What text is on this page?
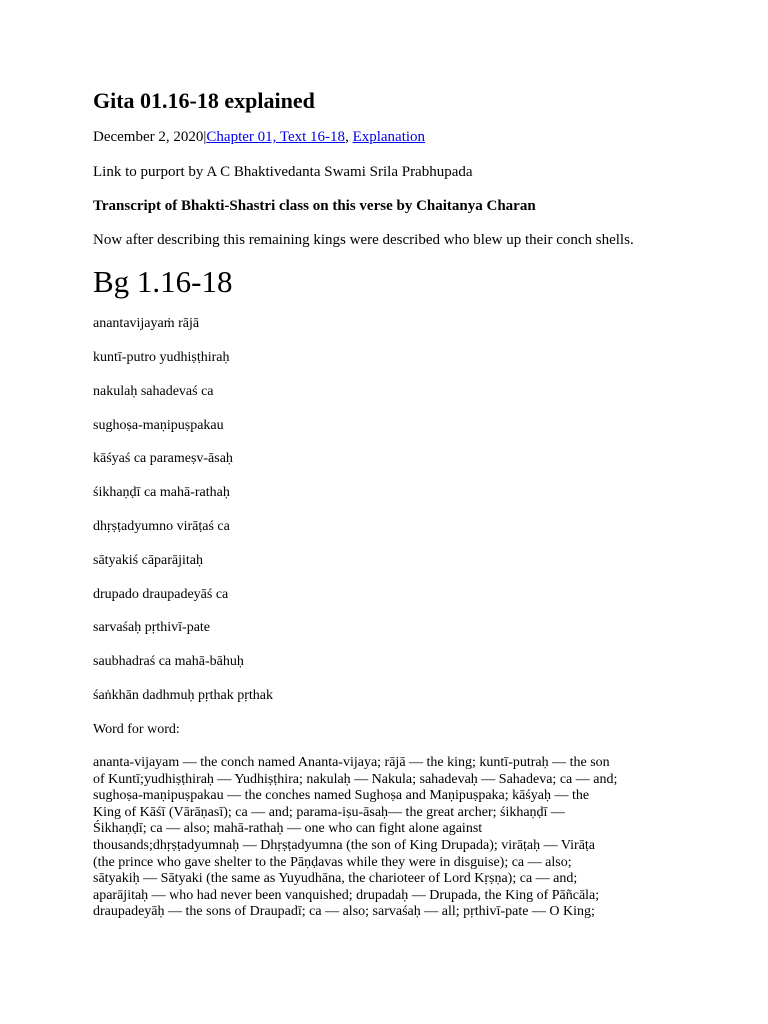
Gita 01.16-18 explained
December 2, 2020|Chapter 01, Text 16-18, Explanation
Link to purport by A C Bhaktivedanta Swami Srila Prabhupada
Transcript of Bhakti-Shastri class on this verse by Chaitanya Charan
Now after describing this remaining kings were described who blew up their conch shells.
Bg 1.16-18
anantavijayaṁ rājā
kuntī-putro yudhiṣṭhiraḥ
nakulaḥ sahadevaś ca
sughoṣa-maṇipuṣpakau
kāśyaś ca parameṣv-āsaḥ
śikhaṇḍī ca mahā-rathaḥ
dhṛṣṭadyumno virāṭaś ca
sātyakiś cāparājitaḥ
drupado draupadeyāś ca
sarvaśaḥ pṛthivī-pate
saubhadraś ca mahā-bāhuḥ
śaṅkhān dadhmuḥ pṛthak pṛthak
Word for word:
ananta-vijayam — the conch named Ananta-vijaya; rājā — the king; kuntī-putraḥ — the son
of Kuntī;yudhiṣṭhiraḥ — Yudhiṣṭhira; nakulaḥ — Nakula; sahadevaḥ — Sahadeva; ca — and;
sughoṣa-maṇipuṣpakau — the conches named Sughoṣa and Maṇipuṣpaka; kāśyaḥ — the
King of Kāśī (Vārāṇasī); ca — and; parama-iṣu-āsaḥ— the great archer; śikhaṇḍī —
Śikhaṇḍī; ca — also; mahā-rathaḥ — one who can fight alone against
thousands;dhṛṣṭadyumnaḥ — Dhṛṣṭadyumna (the son of King Drupada); virāṭaḥ — Virāṭa
(the prince who gave shelter to the Pāṇḍavas while they were in disguise); ca — also;
sātyakiḥ — Sātyaki (the same as Yuyudhāna, the charioteer of Lord Kṛṣṇa); ca — and;
aparājitaḥ — who had never been vanquished; drupadaḥ — Drupada, the King of Pāñcāla;
draupadeyāḥ — the sons of Draupadī; ca — also; sarvaśaḥ — all; pṛthivī-pate — O King;
